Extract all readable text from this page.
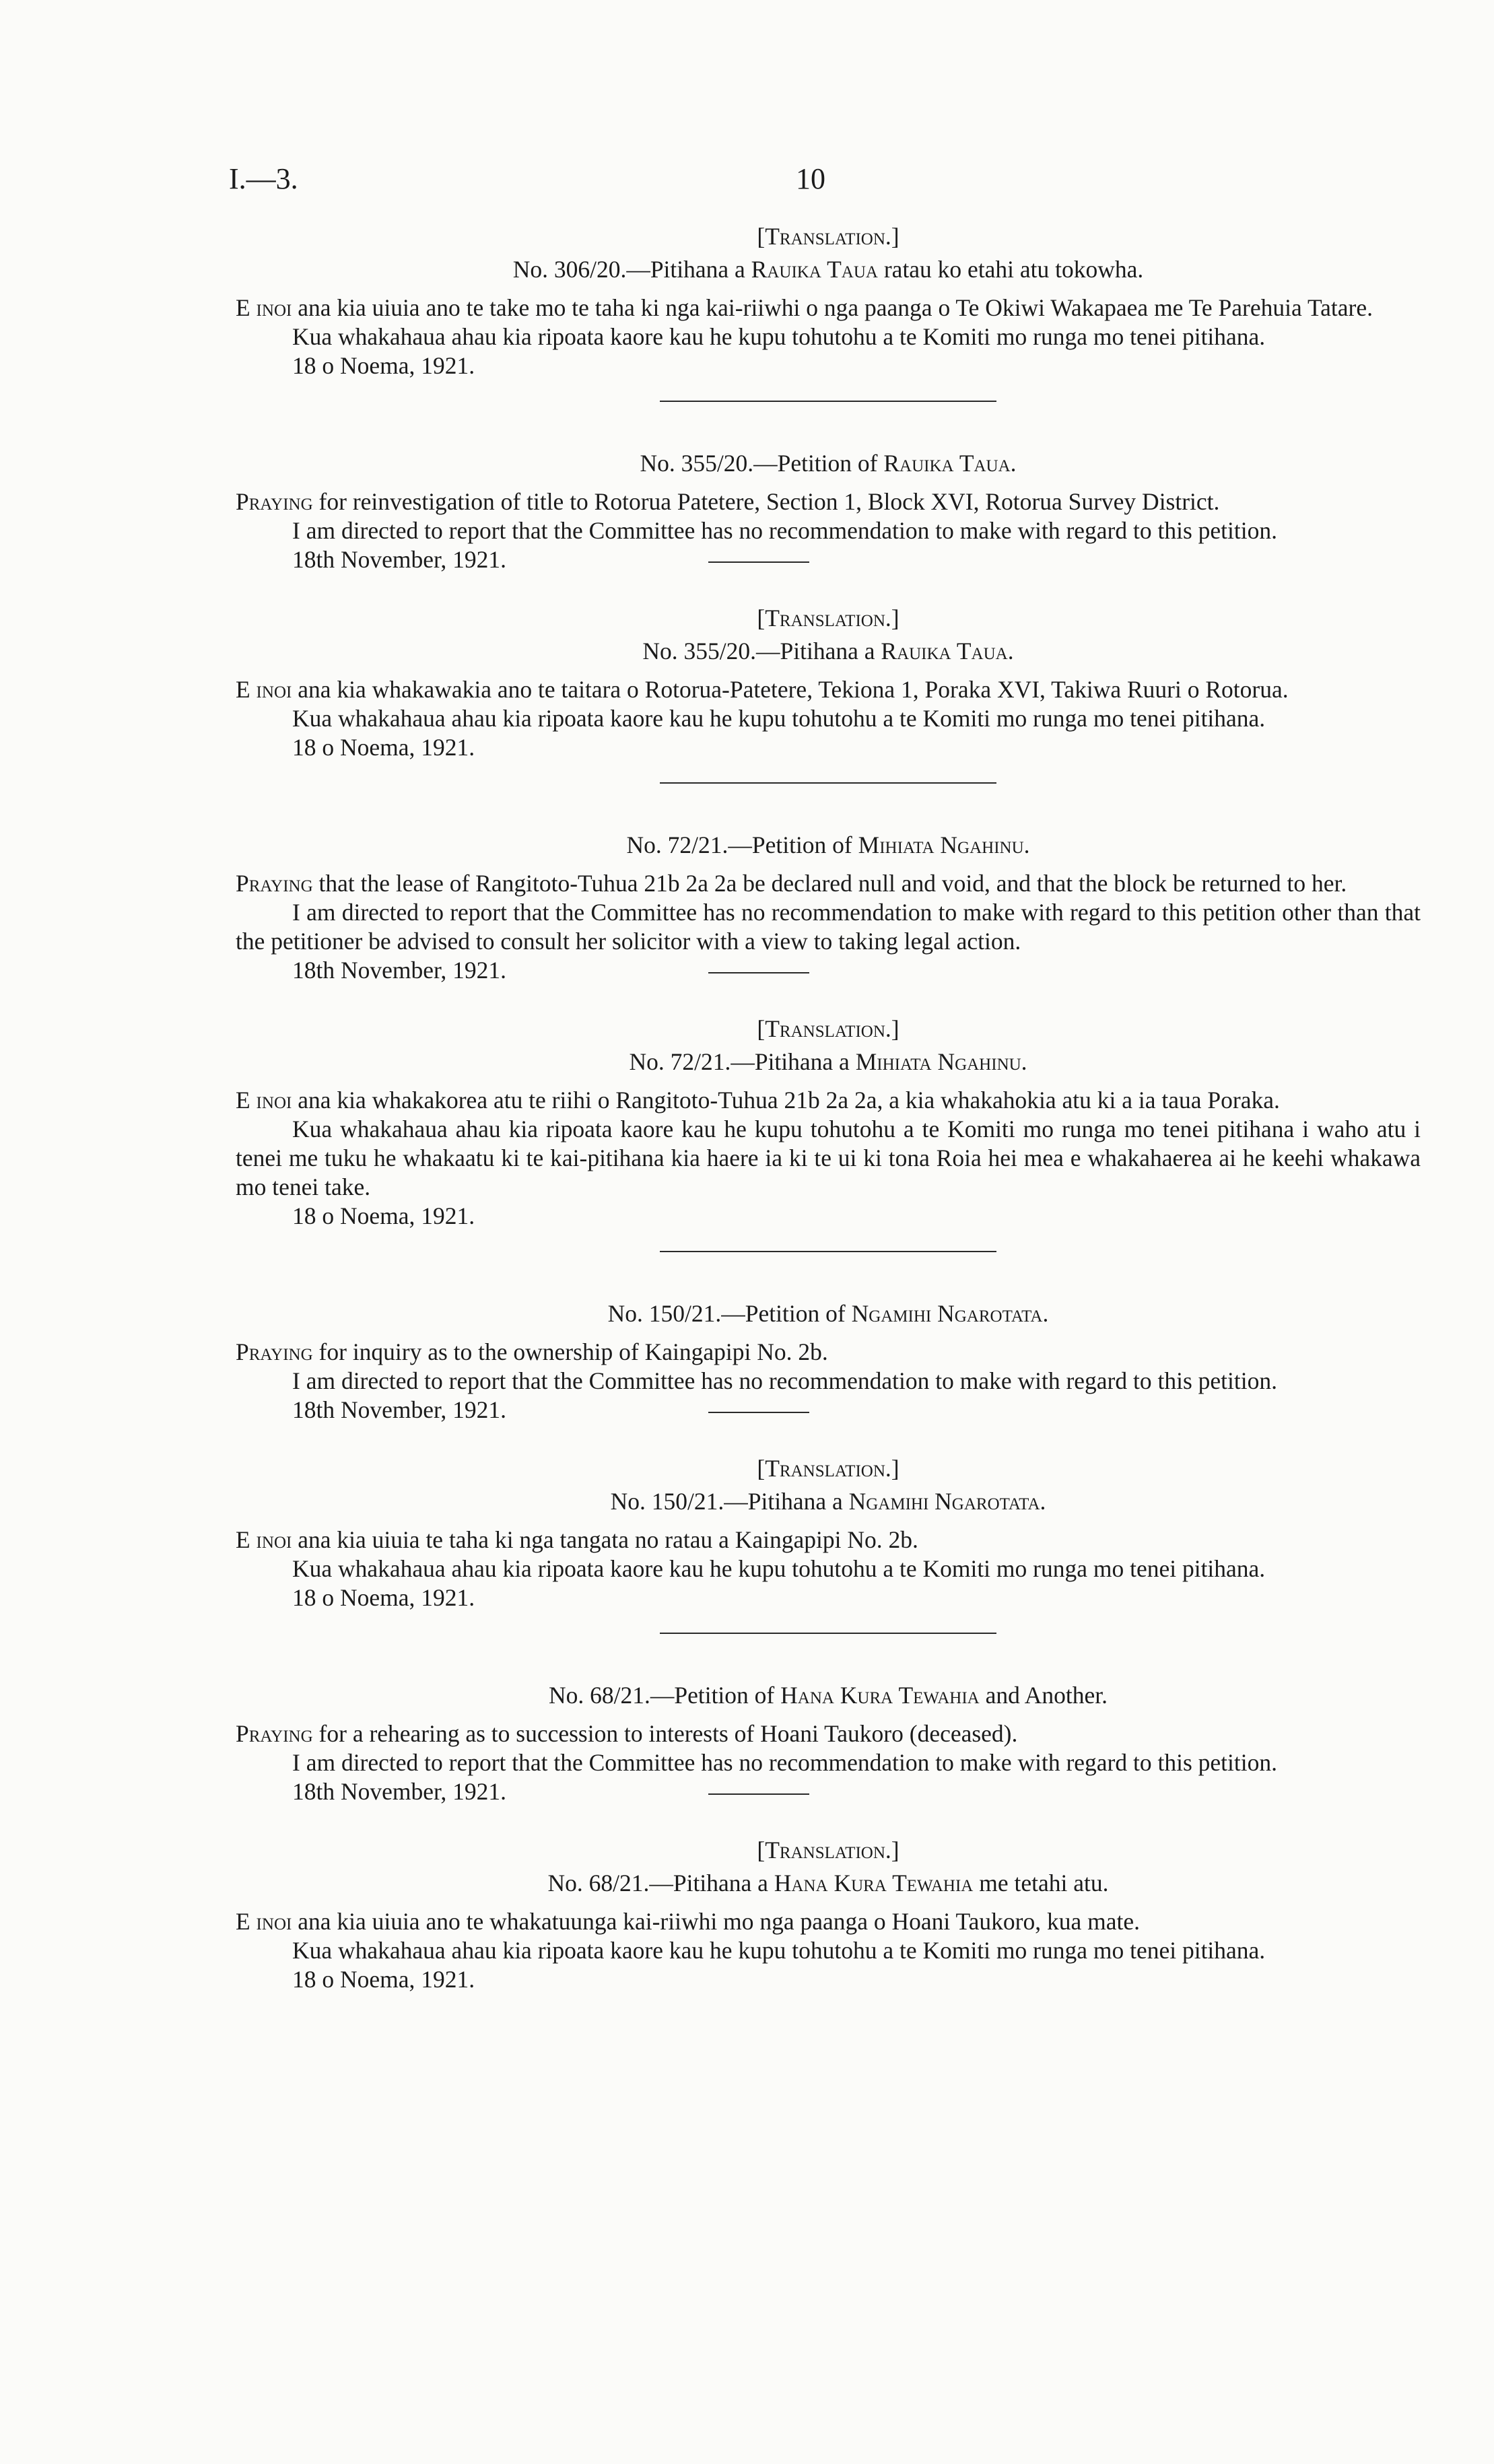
I.—3.	10
[Translation.]
No. 306/20.—Pitihana a Rauika Taua ratau ko etahi atu tokowha.

E inoi ana kia uiuia ano te take mo te taha ki nga kai-riiwhi o nga paanga o Te Okiwi Wakapaea me Te Parehuia Tatare.

Kua whakahaua ahau kia ripoata kaore kau he kupu tohutohu a te Komiti mo runga mo tenei pitihana.

18 o Noema, 1921.
No. 355/20.—Petition of Rauika Taua.

Praying for reinvestigation of title to Rotorua Patetere, Section 1, Block XVI, Rotorua Survey District.

I am directed to report that the Committee has no recommendation to make with regard to this petition.

18th November, 1921.
[Translation.]
No. 355/20.—Pitihana a Rauika Taua.

E inoi ana kia whakawakia ano te taitara o Rotorua-Patetere, Tekiona 1, Poraka XVI, Takiwa Ruuri o Rotorua.

Kua whakahaua ahau kia ripoata kaore kau he kupu tohutohu a te Komiti mo runga mo tenei pitihana.

18 o Noema, 1921.
No. 72/21.—Petition of Mihiata Ngahinu.

Praying that the lease of Rangitoto-Tuhua 21b 2a 2a be declared null and void, and that the block be returned to her.

I am directed to report that the Committee has no recommendation to make with regard to this petition other than that the petitioner be advised to consult her solicitor with a view to taking legal action.

18th November, 1921.
[Translation.]
No. 72/21.—Pitihana a Mihiata Ngahinu.

E inoi ana kia whakakorea atu te riihi o Rangitoto-Tuhua 21b 2a 2a, a kia whakahokia atu ki a ia taua Poraka.

Kua whakahaua ahau kia ripoata kaore kau he kupu tohutohu a te Komiti mo runga mo tenei pitihana i waho atu i tenei me tuku he whakaatu ki te kai-pitihana kia haere ia ki te ui ki tona Roia hei mea e whakahaerea ai he keehi whakawa mo tenei take.

18 o Noema, 1921.
No. 150/21.—Petition of Ngamihi Ngarotata.

Praying for inquiry as to the ownership of Kaingapipi No. 2b.

I am directed to report that the Committee has no recommendation to make with regard to this petition.

18th November, 1921.
[Translation.]
No. 150/21.—Pitihana a Ngamihi Ngarotata.

E inoi ana kia uiuia te taha ki nga tangata no ratau a Kaingapipi No. 2b.

Kua whakahaua ahau kia ripoata kaore kau he kupu tohutohu a te Komiti mo runga mo tenei pitihana.

18 o Noema, 1921.
No. 68/21.—Petition of Hana Kura Tewahia and Another.

Praying for a rehearing as to succession to interests of Hoani Taukoro (deceased).

I am directed to report that the Committee has no recommendation to make with regard to this petition.

18th November, 1921.
[Translation.]
No. 68/21.—Pitihana a Hana Kura Tewahia me tetahi atu.

E inoi ana kia uiuia ano te whakatuunga kai-riiwhi mo nga paanga o Hoani Taukoro, kua mate.

Kua whakahaua ahau kia ripoata kaore kau he kupu tohutohu a te Komiti mo runga mo tenei pitihana.

18 o Noema, 1921.
